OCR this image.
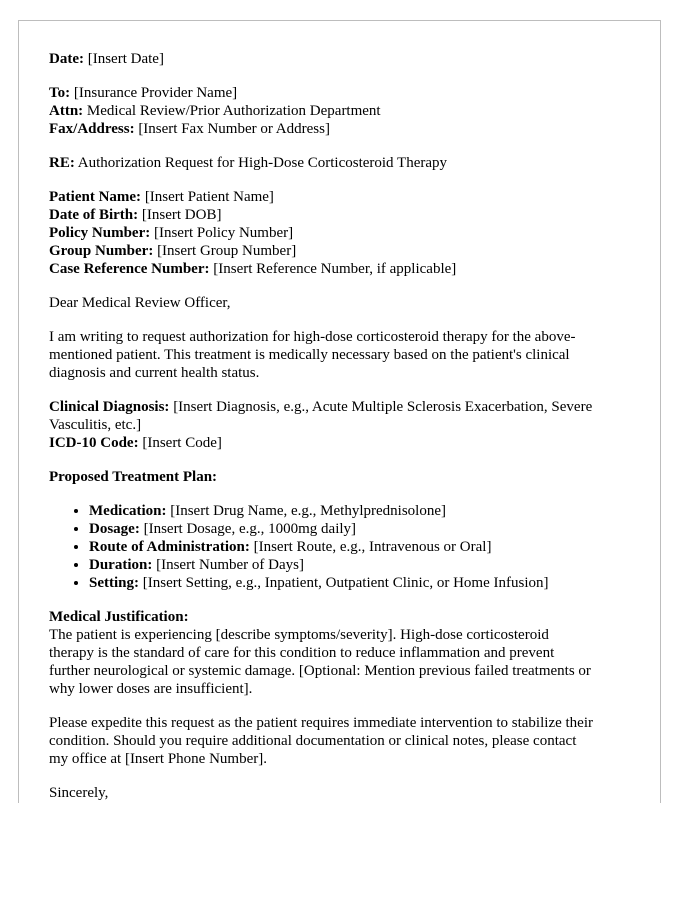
Date: [Insert Date]

To: [Insurance Provider Name]
Attn: Medical Review/Prior Authorization Department
Fax/Address: [Insert Fax Number or Address]

RE: Authorization Request for High-Dose Corticosteroid Therapy

Patient Name: [Insert Patient Name]
Date of Birth: [Insert DOB]
Policy Number: [Insert Policy Number]
Group Number: [Insert Group Number]
Case Reference Number: [Insert Reference Number, if applicable]

Dear Medical Review Officer,

I am writing to request authorization for high-dose corticosteroid therapy for the above-
mentioned patient. This treatment is medically necessary based on the patient's clinical
diagnosis and current health status.
Clinical Diagnosis: [Insert Diagnosis, e.g., Acute Multiple Sclerosis Exacerbation, Severe
Vasculitis, etc.]
ICD-10 Code: [Insert Code]

Proposed Treatment Plan:

• Medication: [Insert Drug Name, e.g., Methylprednisolone]
• Dosage: [Insert Dosage, e.g., 1000mg daily]
• Route of Administration: [Insert Route, e.g., Intravenous or Oral]
• Duration: [Insert Number of Days]
• Setting: [Insert Setting, e.g., Inpatient, Outpatient Clinic, or Home Infusion]
Medical Justification:
The patient is experiencing [describe symptoms/severity]. High-dose corticosteroid
therapy is the standard of care for this condition to reduce inflammation and prevent
further neurological or systemic damage. [Optional: Mention previous failed treatments or
why lower doses are insufficient].
Please expedite this request as the patient requires immediate intervention to stabilize their
condition. Should you require additional documentation or clinical notes, please contact
my office at [Insert Phone Number].

Sincerely,
